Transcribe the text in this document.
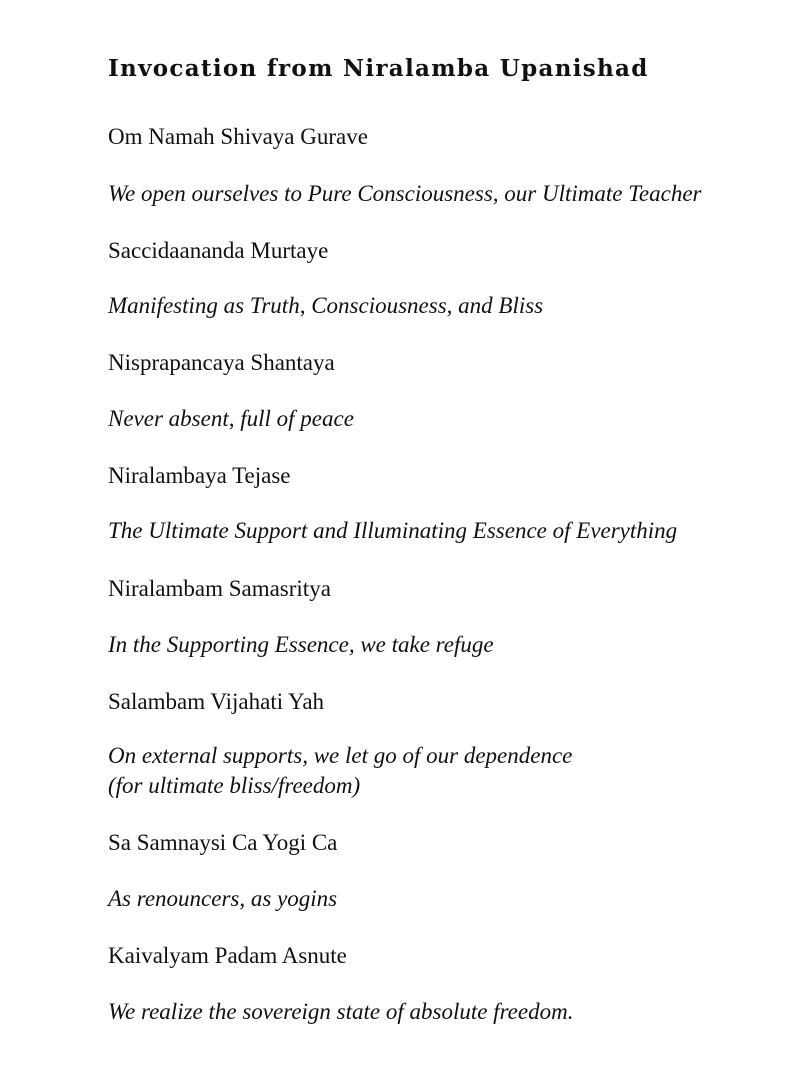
Invocation from Niralamba Upanishad

Om Namah Shivaya Gurave

We open ourselves to Pure Consciousness, our Ultimate Teacher

Saccidaananda Murtaye

Manifesting as Truth, Consciousness, and Bliss

Nisprapancaya Shantaya

Never absent, full of peace

Niralambaya Tejase

The Ultimate Support and Illuminating Essence of Everything

Niralambam Samasritya

In the Supporting Essence, we take refuge

Salambam Vijahati Yah

On external supports, we let go of our dependence

(for ultimate bliss/freedom)

Sa Samnaysi Ca Yogi Ca

As renouncers, as yogins

Kaivalyam Padam Asnute

We realize the sovereign state of absolute freedom.
